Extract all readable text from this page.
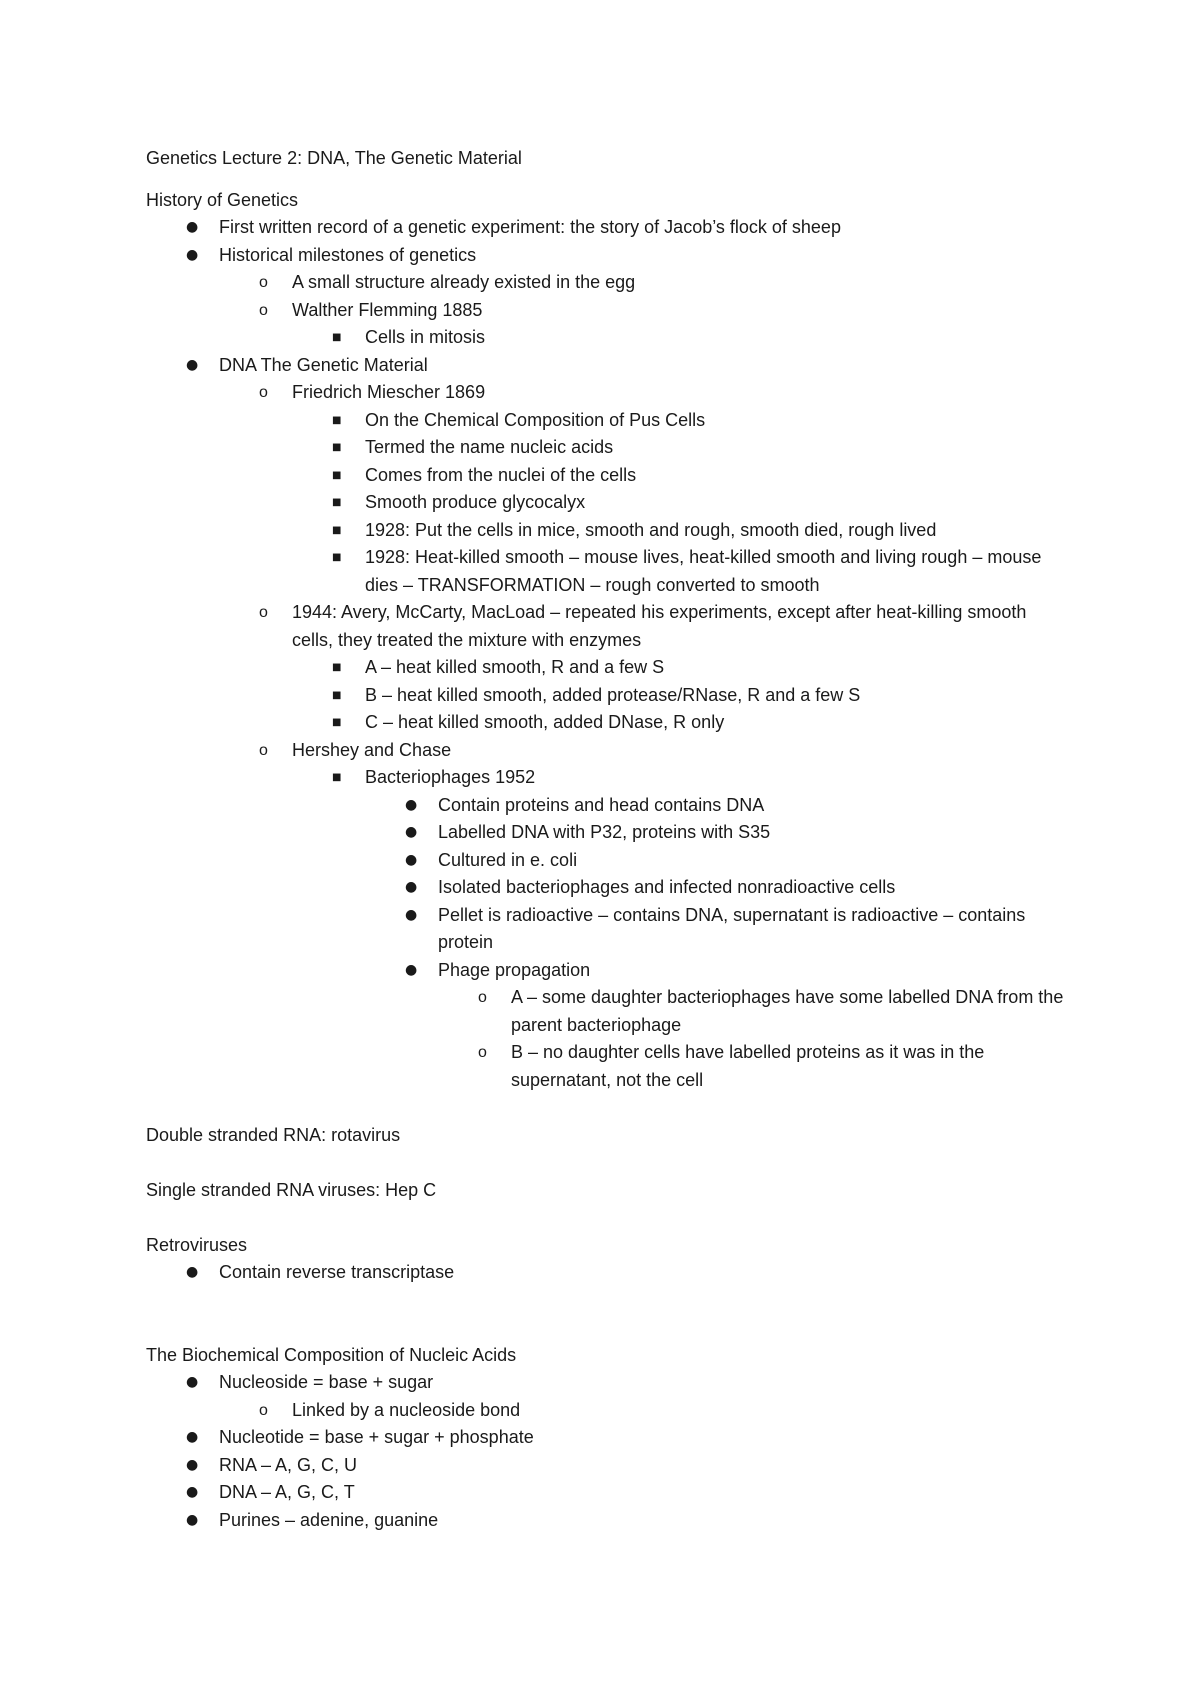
Genetics Lecture 2: DNA, The Genetic Material
History of Genetics
●	First written record of a genetic experiment: the story of Jacob’s flock of sheep
●	Historical milestones of genetics
o	A small structure already existed in the egg
o	Walther Flemming 1885
■	Cells in mitosis
●	DNA The Genetic Material
o	Friedrich Miescher 1869
■	On the Chemical Composition of Pus Cells
■	Termed the name nucleic acids
■	Comes from the nuclei of the cells
■	Smooth produce glycocalyx
■	1928: Put the cells in mice, smooth and rough, smooth died, rough lived
■	1928: Heat-killed smooth – mouse lives, heat-killed smooth and living rough – mouse dies – TRANSFORMATION – rough converted to smooth
o	1944: Avery, McCarty, MacLoad – repeated his experiments, except after heat-killing smooth cells, they treated the mixture with enzymes
■	A – heat killed smooth, R and a few S
■	B – heat killed smooth, added protease/RNase, R and a few S
■	C – heat killed smooth, added DNase, R only
o	Hershey and Chase
■	Bacteriophages 1952
●	Contain proteins and head contains DNA
●	Labelled DNA with P32, proteins with S35
●	Cultured in e. coli
●	Isolated bacteriophages and infected nonradioactive cells
●	Pellet is radioactive – contains DNA, supernatant is radioactive – contains protein
●	Phage propagation
o	A – some daughter bacteriophages have some labelled DNA from the parent bacteriophage
o	B – no daughter cells have labelled proteins as it was in the supernatant, not the cell
Double stranded RNA: rotavirus
Single stranded RNA viruses: Hep C
Retroviruses
●	Contain reverse transcriptase
The Biochemical Composition of Nucleic Acids
●	Nucleoside = base + sugar
o	Linked by a nucleoside bond
●	Nucleotide = base + sugar + phosphate
●	RNA – A, G, C, U
●	DNA – A, G, C, T
●	Purines – adenine, guanine
